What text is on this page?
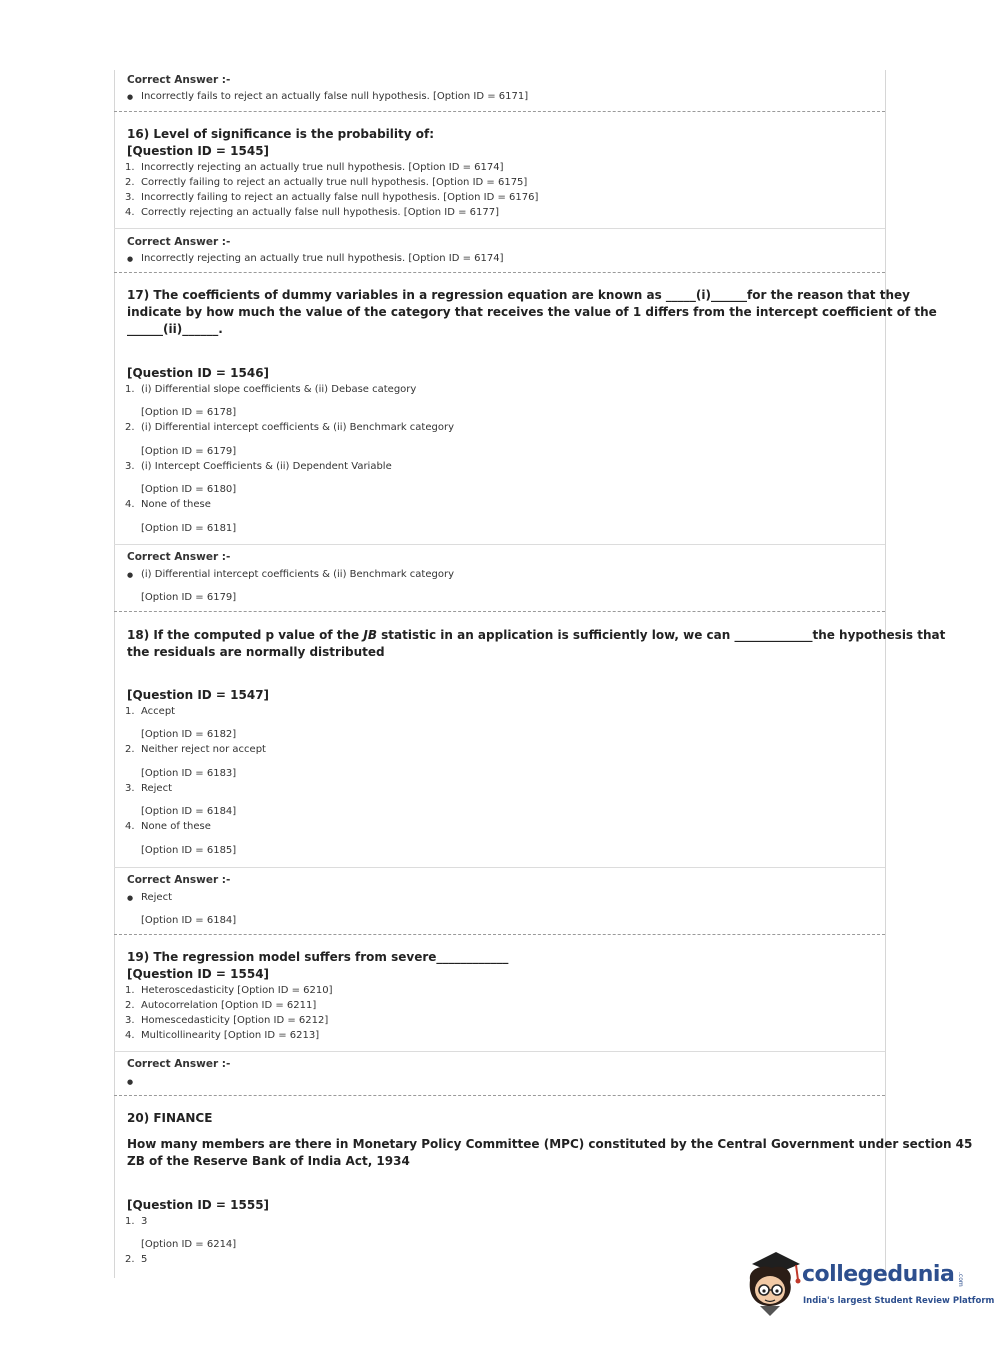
Correct Answer :-
● Incorrectly fails to reject an actually false null hypothesis. [Option ID = 6171]
16) Level of significance is the probability of:
[Question ID = 1545]
1. Incorrectly rejecting an actually true null hypothesis. [Option ID = 6174]
2. Correctly failing to reject an actually true null hypothesis. [Option ID = 6175]
3. Incorrectly failing to reject an actually false null hypothesis. [Option ID = 6176]
4. Correctly rejecting an actually false null hypothesis. [Option ID = 6177]
Correct Answer :-
● Incorrectly rejecting an actually true null hypothesis. [Option ID = 6174]
17) The coefficients of dummy variables in a regression equation are known as _____(i)______for the reason that they
indicate by how much the value of the category that receives the value of 1 differs from the intercept coefficient of the
______(ii)______.
[Question ID = 1546]
1. (i) Differential slope coefficients & (ii) Debase category
[Option ID = 6178]
2. (i) Differential intercept coefficients & (ii) Benchmark category
[Option ID = 6179]
3. (i) Intercept Coefficients & (ii) Dependent Variable
[Option ID = 6180]
4. None of these
[Option ID = 6181]
Correct Answer :-
● (i) Differential intercept coefficients & (ii) Benchmark category
[Option ID = 6179]
18) If the computed p value of the JB statistic in an application is sufficiently low, we can _____________the hypothesis that
the residuals are normally distributed
[Question ID = 1547]
1. Accept
[Option ID = 6182]
2. Neither reject nor accept
[Option ID = 6183]
3. Reject
[Option ID = 6184]
4. None of these
[Option ID = 6185]
Correct Answer :-
● Reject
[Option ID = 6184]
19) The regression model suffers from severe____________
[Question ID = 1554]
1. Heteroscedasticity [Option ID = 6210]
2. Autocorrelation [Option ID = 6211]
3. Homescedasticity [Option ID = 6212]
4. Multicollinearity [Option ID = 6213]
Correct Answer :-
20) FINANCE
How many members are there in Monetary Policy Committee (MPC) constituted by the Central Government under section 45
ZB of the Reserve Bank of India Act, 1934
[Question ID = 1555]
1. 3
[Option ID = 6214]
2. 5
collegedunia .com
India's largest Student Review Platform
